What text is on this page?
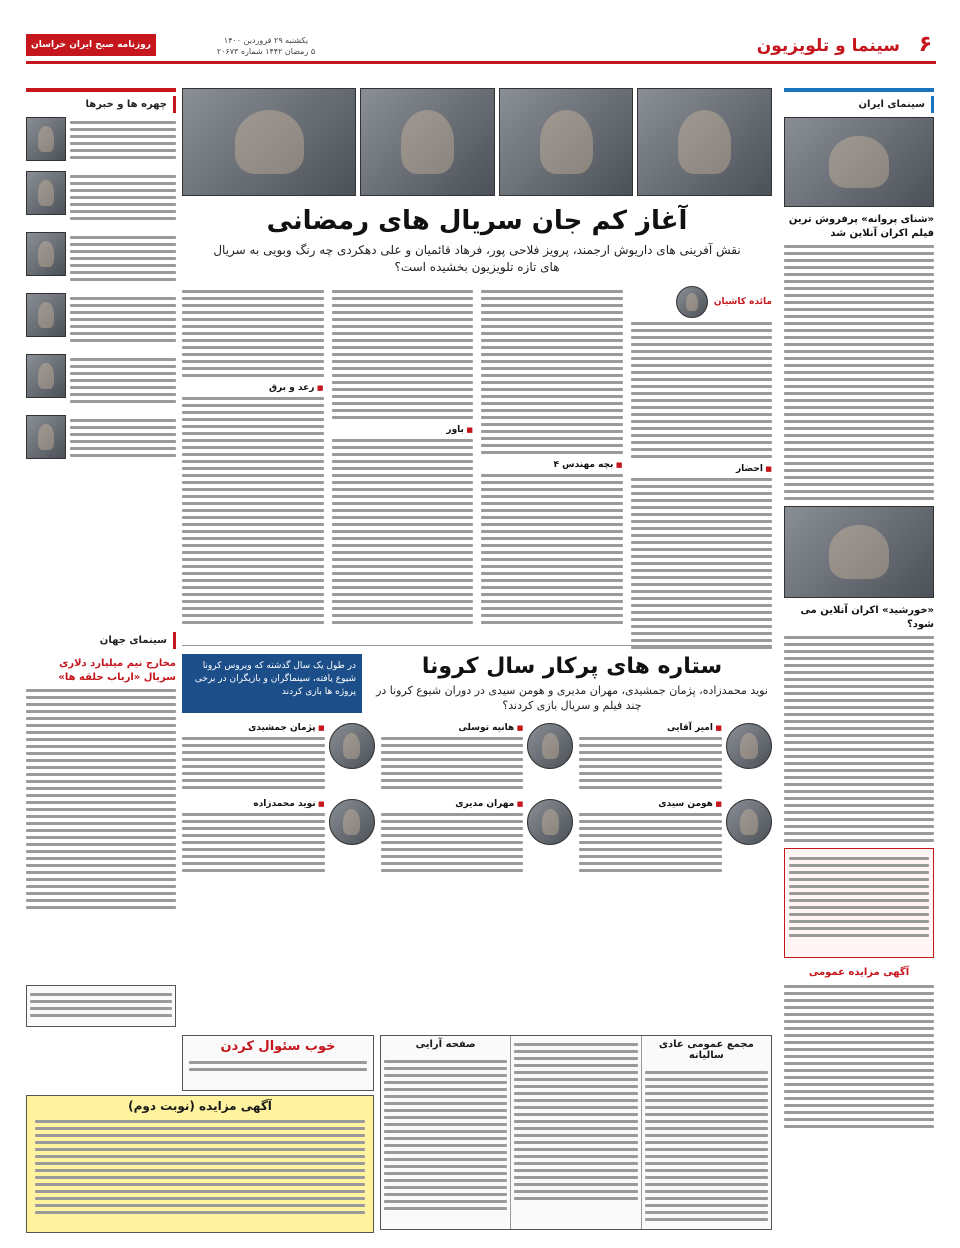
۶
سینما و تلویزیون
یکشنبه ۲۹ فروردین ۱۴۰۰
۵ رمضان ۱۴۴۲ شماره ۲۰۶۷۳
روزنامه صبح ایران خراسان
سینمای ایران
«شنای پروانه» پرفروش ترین فیلم اکران آنلاین شد
«خورشید» اکران آنلاین می شود؟
آگهی مزایده عمومی
چهره ها و خبرها
سینمای جهان
مخارج نیم میلیارد دلاری سریال «ارباب حلقه ها»
آغاز کم جان سریال های رمضانی
نقش آفرینی های داریوش ارجمند، پرویز فلاحی پور، فرهاد قائمیان و علی دهکردی چه رنگ وبویی به سریال های تازه تلویزیون بخشیده است؟
مائده کاشیان
■ احضار
■ بچه مهندس ۴
■ باور
■ رعد و برق
ستاره های پرکار سال کرونا
نوید محمدزاده، پژمان جمشیدی، مهران مدیری و هومن سیدی در دوران شیوع کرونا در چند فیلم و سریال بازی کردند؟
در طول یک سال گذشته که ویروس کرونا شیوع یافته، سینماگران و بازیگران در برخی پروژه ها بازی کردند
■ امیر آقایی
■ هانیه توسلی
■ پژمان جمشیدی
■ هومن سیدی
■ مهران مدیری
■ نوید محمدزاده
مجمع عمومی عادی سالیانه
صفحه آرایی
خوب سئوال کردن
آگهی مزایده (نوبت دوم)
